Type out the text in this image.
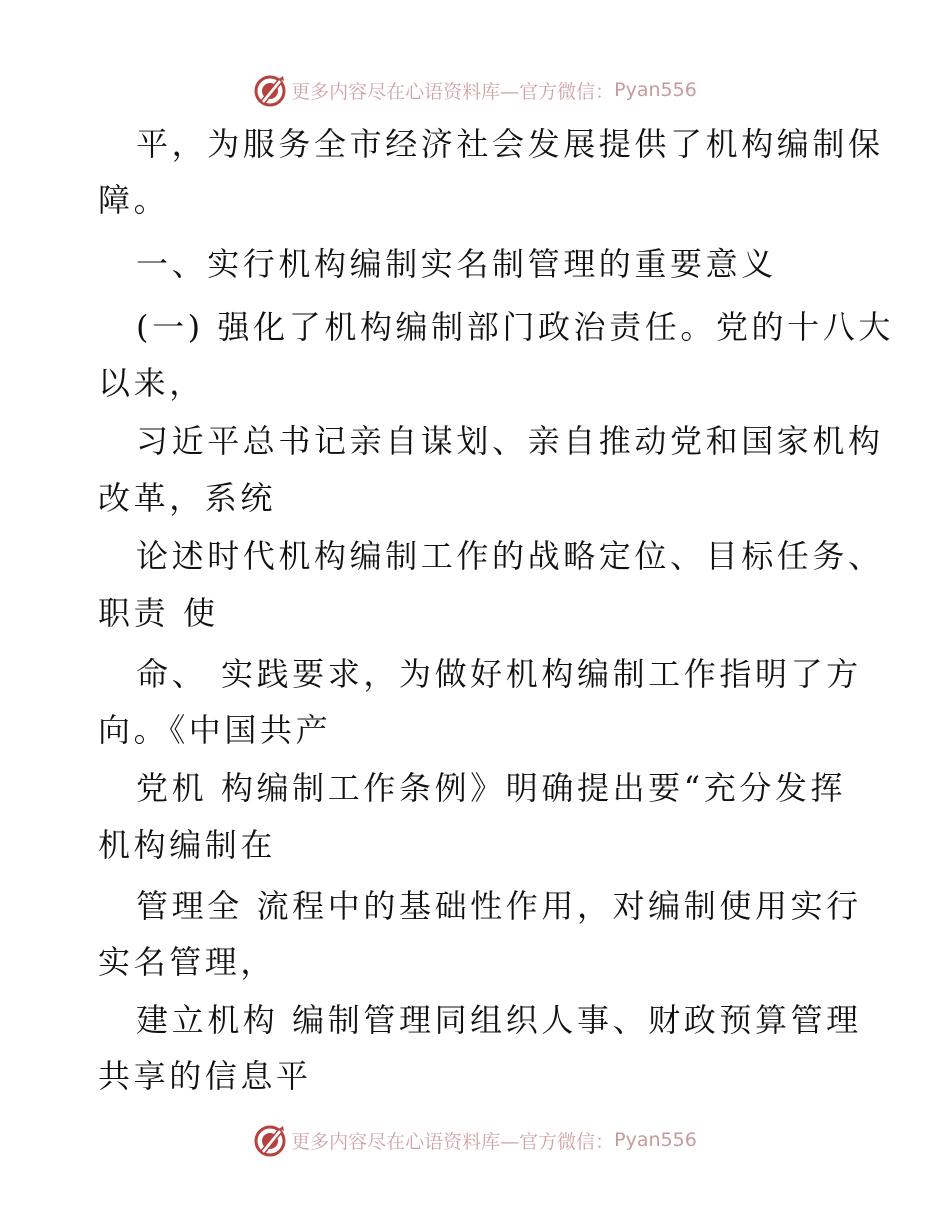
更多内容尽在心语资料库—官方微信： Pyan556
平，为服务全市经济社会发展提供了机构编制保
障。
一、实行机构编制实名制管理的重要意义
(一) 强化了机构编制部门政治责任。党的十八大
以来，
习近平总书记亲自谋划、亲自推动党和国家机构
改革，系统
论述时代机构编制工作的战略定位、目标任务、
职责 使
命、 实践要求，为做好机构编制工作指明了方
向。《中国共产
党机 构编制工作条例》明确提出要“充分发挥
机构编制在
管理全 流程中的基础性作用，对编制使用实行
实名管理，
建立机构 编制管理同组织人事、财政预算管理
共享的信息平
更多内容尽在心语资料库—官方微信： Pyan556
